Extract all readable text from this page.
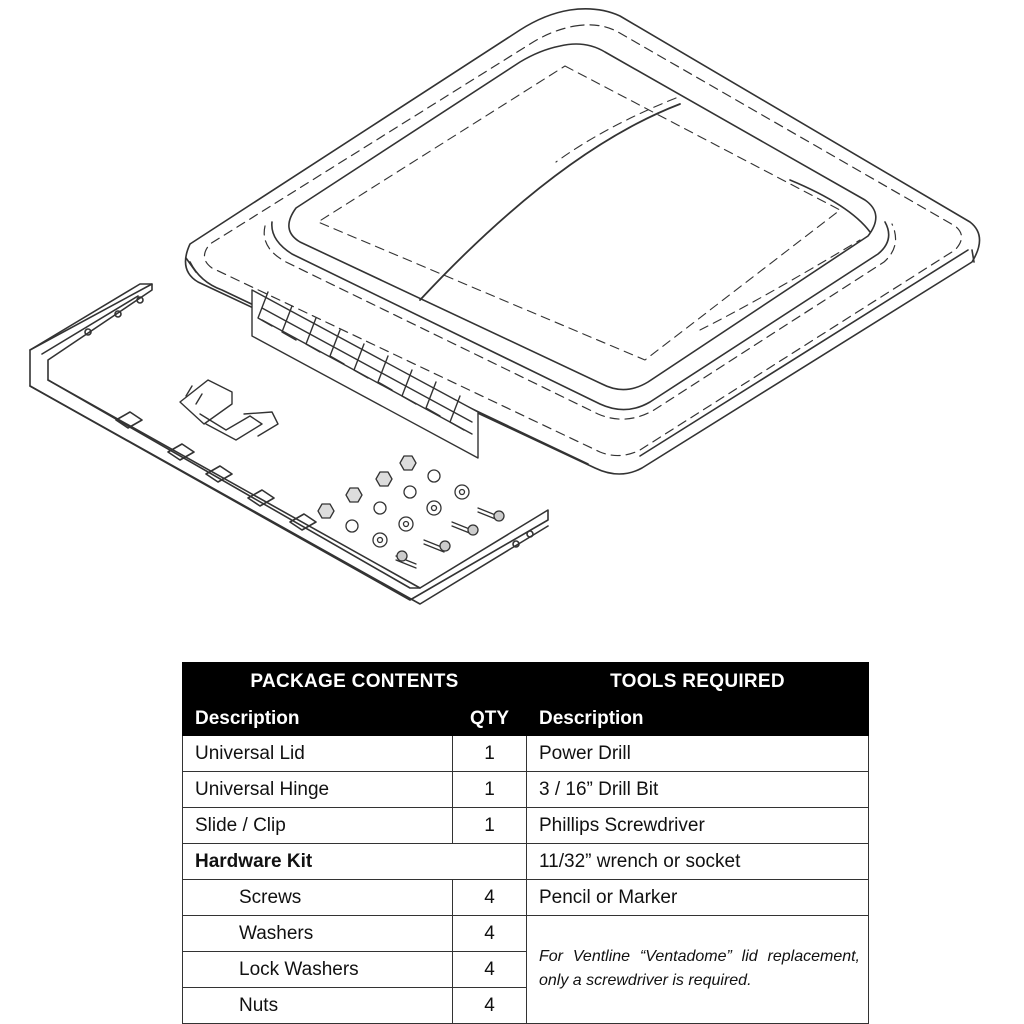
PACKAGE CONTENTS		TOOLS REQUIRED
Description	QTY	Description
Universal Lid	1	Power Drill
Universal Hinge	1	3 / 16” Drill Bit
Slide / Clip	1	Phillips Screwdriver
Hardware Kit		11/32” wrench or socket
Screws	4	Pencil or Marker
Washers	4	For Ventline “Ventadome” lid replacement, only a screwdriver is required.
Lock Washers	4	
Nuts	4	
